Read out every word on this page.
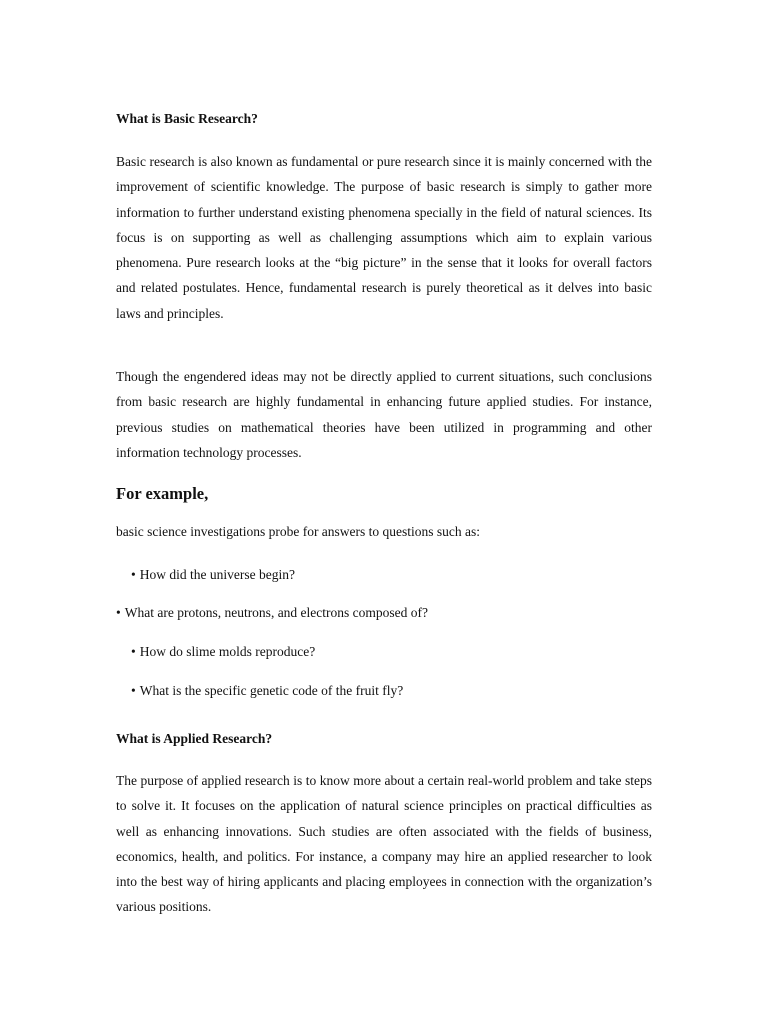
What is Basic Research?

Basic research is also known as fundamental or pure research since it is mainly concerned with the improvement of scientific knowledge. The purpose of basic research is simply to gather more information to further understand existing phenomena specially in the field of natural sciences. Its focus is on supporting as well as challenging assumptions which aim to explain various phenomena. Pure research looks at the “big picture” in the sense that it looks for overall factors and related postulates. Hence, fundamental research is purely theoretical as it delves into basic laws and principles.

Though the engendered ideas may not be directly applied to current situations, such conclusions from basic research are highly fundamental in enhancing future applied studies. For instance, previous studies on mathematical theories have been utilized in programming and other information technology processes.

For example,
basic science investigations probe for answers to questions such as:
• How did the universe begin?
• What are protons, neutrons, and electrons composed of?
• How do slime molds reproduce?
• What is the specific genetic code of the fruit fly?
What is Applied Research?

The purpose of applied research is to know more about a certain real-world problem and take steps to solve it. It focuses on the application of natural science principles on practical difficulties as well as enhancing innovations. Such studies are often associated with the fields of business, economics, health, and politics. For instance, a company may hire an applied researcher to look into the best way of hiring applicants and placing employees in connection with the organization’s various positions.
